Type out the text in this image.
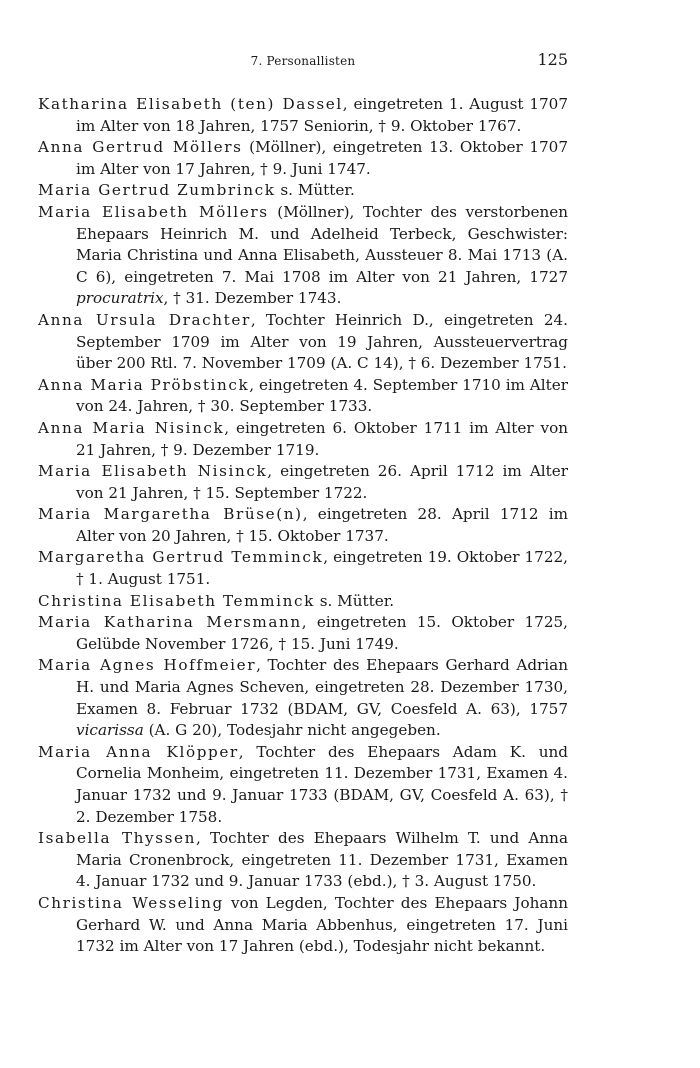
7. Personallisten	125

Katharina Elisabeth (ten) Dassel, eingetreten 1. August 1707 im Alter von 18 Jahren, 1757 Seniorin, † 9. Oktober 1767.

Anna Gertrud Möllers (Möllner), eingetreten 13. Oktober 1707 im Alter von 17 Jahren, † 9. Juni 1747.

Maria Gertrud Zumbrinck s. Mütter.

Maria Elisabeth Möllers (Möllner), Tochter des verstorbenen Ehepaars Heinrich M. und Adelheid Terbeck, Geschwister: Maria Christina und Anna Elisabeth, Aussteuer 8. Mai 1713 (A. C 6), eingetreten 7. Mai 1708 im Alter von 21 Jahren, 1727 procuratrix, † 31. Dezember 1743.

Anna Ursula Drachter, Tochter Heinrich D., eingetreten 24. September 1709 im Alter von 19 Jahren, Aussteuervertrag über 200 Rtl. 7. November 1709 (A. C 14), † 6. Dezember 1751.

Anna Maria Pröbstinck, eingetreten 4. September 1710 im Alter von 24. Jahren, † 30. September 1733.

Anna Maria Nisinck, eingetreten 6. Oktober 1711 im Alter von 21 Jahren, † 9. Dezember 1719.

Maria Elisabeth Nisinck, eingetreten 26. April 1712 im Alter von 21 Jahren, † 15. September 1722.

Maria Margaretha Brüse(n), eingetreten 28. April 1712 im Alter von 20 Jahren, † 15. Oktober 1737.

Margaretha Gertrud Temminck, eingetreten 19. Oktober 1722, † 1. August 1751.

Christina Elisabeth Temminck s. Mütter.

Maria Katharina Mersmann, eingetreten 15. Oktober 1725, Gelübde November 1726, † 15. Juni 1749.

Maria Agnes Hoffmeier, Tochter des Ehepaars Gerhard Adrian H. und Maria Agnes Scheven, eingetreten 28. Dezember 1730, Examen 8. Februar 1732 (BDAM, GV, Coesfeld A. 63), 1757 vicarissa (A. G 20), Todesjahr nicht angegeben.

Maria Anna Klöpper, Tochter des Ehepaars Adam K. und Cornelia Monheim, eingetreten 11. Dezember 1731, Examen 4. Januar 1732 und 9. Januar 1733 (BDAM, GV, Coesfeld A. 63), † 2. Dezember 1758.

Isabella Thyssen, Tochter des Ehepaars Wilhelm T. und Anna Maria Cronenbrock, eingetreten 11. Dezember 1731, Examen 4. Januar 1732 und 9. Januar 1733 (ebd.), † 3. August 1750.

Christina Wesseling von Legden, Tochter des Ehepaars Johann Gerhard W. und Anna Maria Abbenhus, eingetreten 17. Juni 1732 im Alter von 17 Jahren (ebd.), Todesjahr nicht bekannt.
